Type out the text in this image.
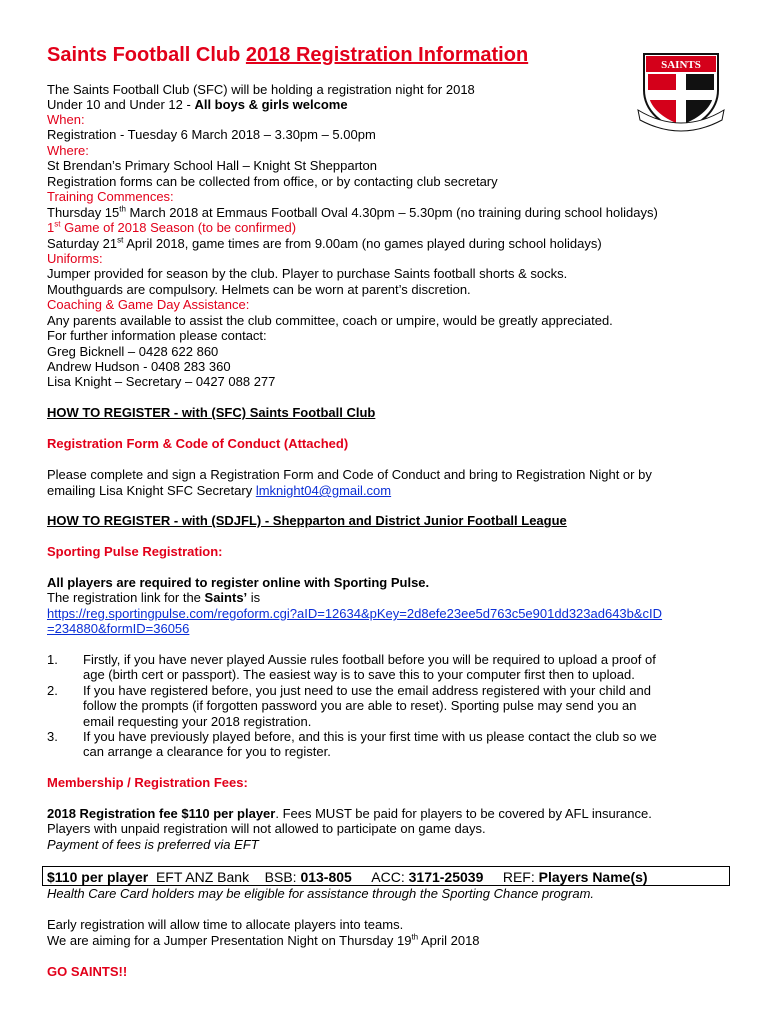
Saints Football Club 2018 Registration Information	SAINTS
The Saints Football Club (SFC) will be holding a registration night for 2018
Under 10 and Under 12 - All boys & girls welcome
When:
Registration - Tuesday 6 March 2018 – 3.30pm – 5.00pm
Where:
St Brendan’s Primary School Hall – Knight St Shepparton
Registration forms can be collected from office, or by contacting club secretary
Training Commences:
Thursday 15th March 2018 at Emmaus Football Oval 4.30pm – 5.30pm (no training during school holidays)
1st Game of 2018 Season (to be confirmed)
Saturday 21st April 2018, game times are from 9.00am (no games played during school holidays)
Uniforms:
Jumper provided for season by the club. Player to purchase Saints football shorts & socks.
Mouthguards are compulsory. Helmets can be worn at parent’s discretion.
Coaching & Game Day Assistance:
Any parents available to assist the club committee, coach or umpire, would be greatly appreciated.
For further information please contact:
Greg Bicknell – 0428 622 860
Andrew Hudson - 0408 283 360
Lisa Knight – Secretary – 0427 088 277
HOW TO REGISTER - with (SFC) Saints Football Club
Registration Form & Code of Conduct (Attached)
Please complete and sign a Registration Form and Code of Conduct and bring to Registration Night or by
emailing Lisa Knight SFC Secretary lmknight04@gmail.com
HOW TO REGISTER - with (SDJFL) - Shepparton and District Junior Football League
Sporting Pulse Registration:
All players are required to register online with Sporting Pulse.
The registration link for the Saints’ is
https://reg.sportingpulse.com/regoform.cgi?aID=12634&pKey=2d8efe23ee5d763c5e901dd323ad643b&cID
=234880&formID=36056
1. Firstly, if you have never played Aussie rules football before you will be required to upload a proof of
age (birth cert or passport). The easiest way is to save this to your computer first then to upload.
2. If you have registered before, you just need to use the email address registered with your child and
follow the prompts (if forgotten password you are able to reset). Sporting pulse may send you an
email requesting your 2018 registration.
3. If you have previously played before, and this is your first time with us please contact the club so we
can arrange a clearance for you to register.
Membership / Registration Fees:
2018 Registration fee $110 per player. Fees MUST be paid for players to be covered by AFL insurance.
Players with unpaid registration will not allowed to participate on game days.
Payment of fees is preferred via EFT
$110 per player EFT ANZ Bank BSB: 013-805 ACC: 3171-25039 REF: Players Name(s)
Health Care Card holders may be eligible for assistance through the Sporting Chance program.
Early registration will allow time to allocate players into teams.
We are aiming for a Jumper Presentation Night on Thursday 19th April 2018
GO SAINTS!!
